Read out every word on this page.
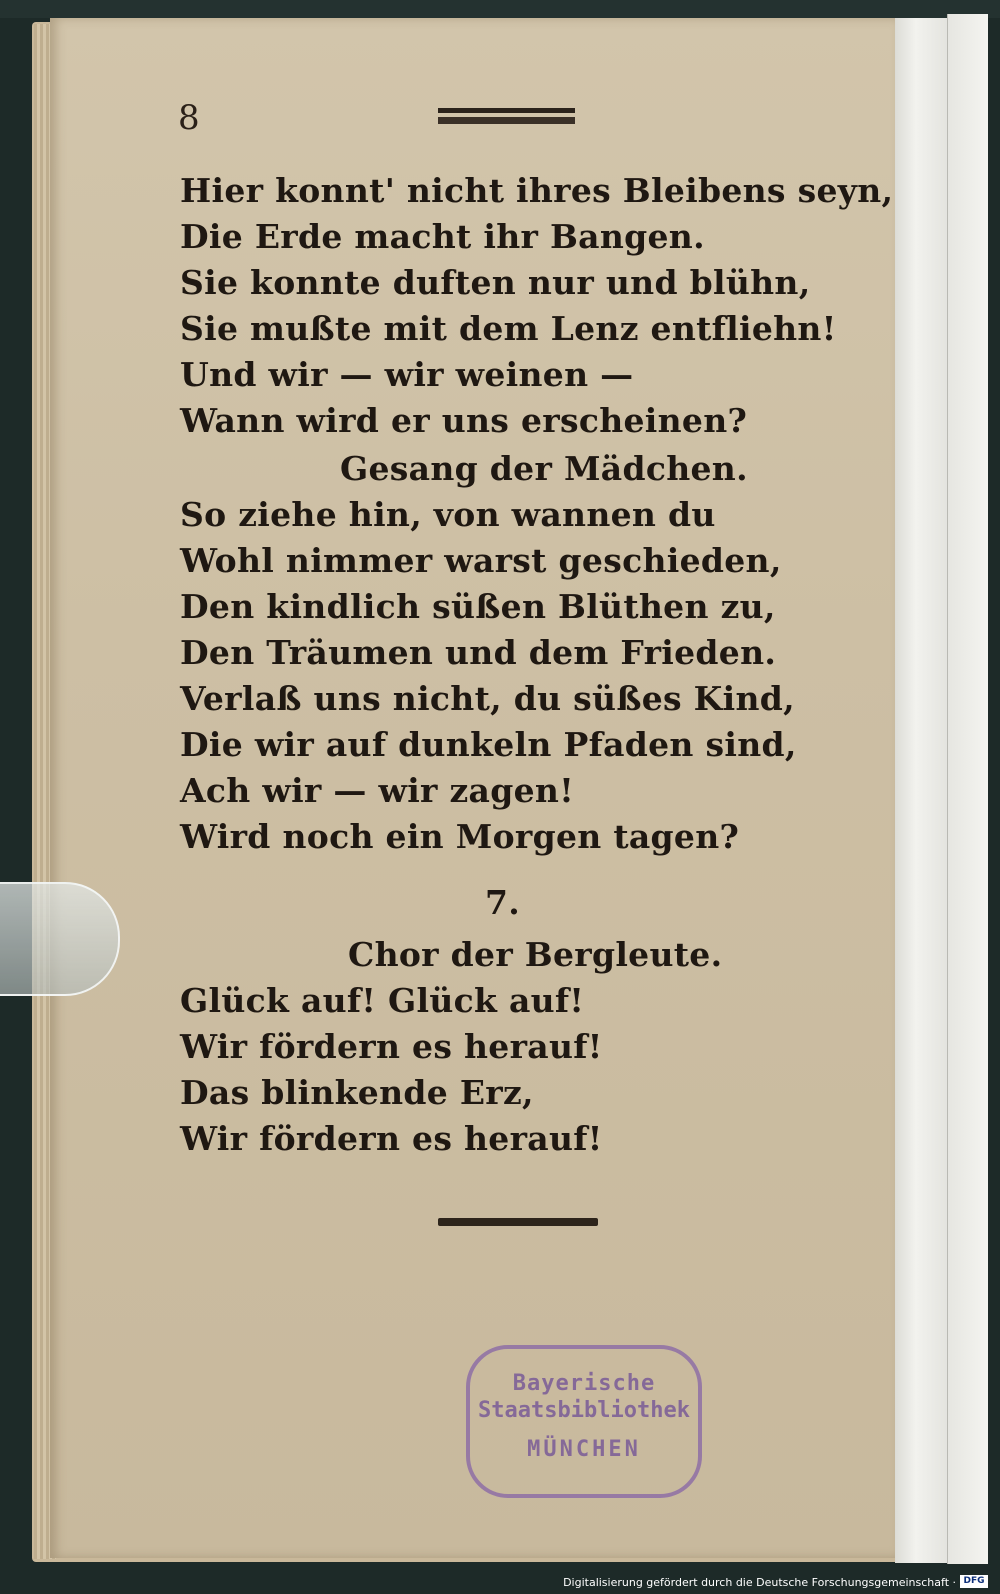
8
Hier konnt' nicht ihres Bleibens seyn,
Die Erde macht ihr Bangen.
Sie konnte duften nur und blühn,
Sie mußte mit dem Lenz entfliehn!
Und wir — wir weinen —
Wann wird er uns erscheinen?
Gesang der Mädchen.
So ziehe hin, von wannen du
Wohl nimmer warst geschieden,
Den kindlich süßen Blüthen zu,
Den Träumen und dem Frieden.
Verlaß uns nicht, du süßes Kind,
Die wir auf dunkeln Pfaden sind,
Ach wir — wir zagen!
Wird noch ein Morgen tagen?
7.
Chor der Bergleute.
Glück auf! Glück auf!
Wir fördern es herauf!
Das blinkende Erz,
Wir fördern es herauf!
Bayerische
Staatsbibliothek
MÜNCHEN
Digitalisierung gefördert durch die Deutsche Forschungsgemeinschaft · DFG
